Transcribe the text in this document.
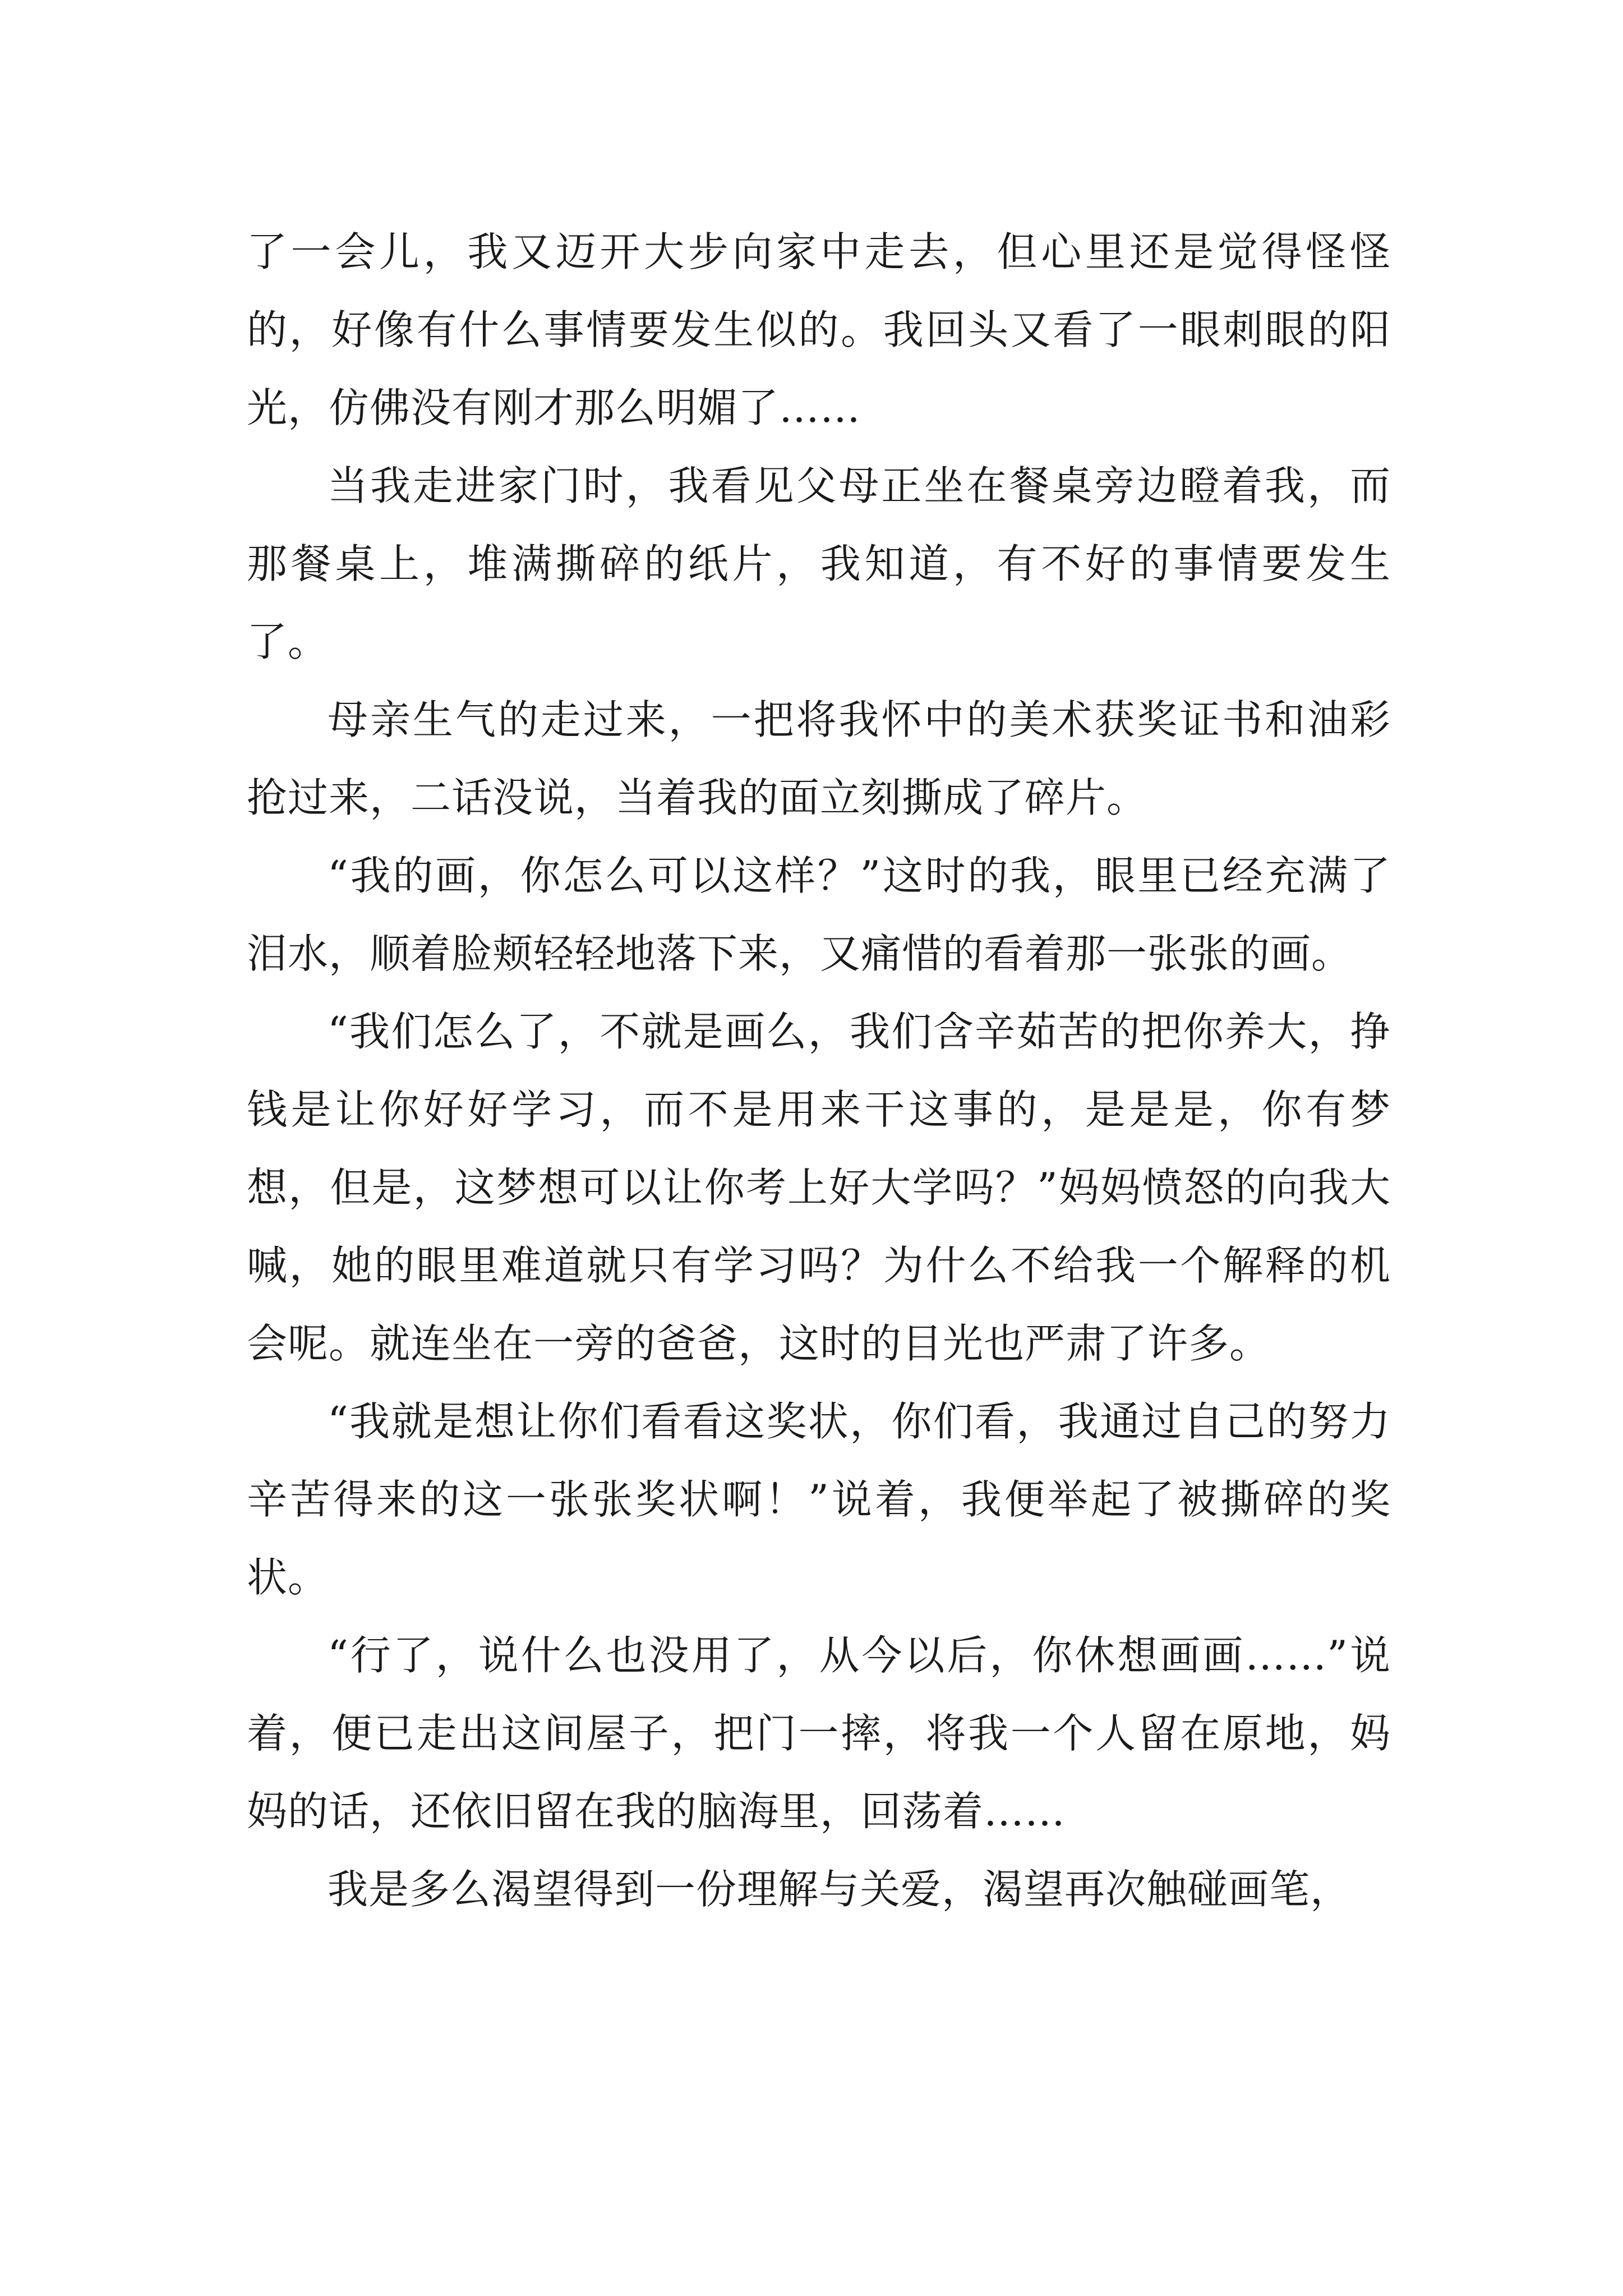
了一会儿，我又迈开大步向家中走去，但心里还是觉得怪怪的，好像有什么事情要发生似的。我回头又看了一眼刺眼的阳光，仿佛没有刚才那么明媚了……

当我走进家门时，我看见父母正坐在餐桌旁边瞪着我，而那餐桌上，堆满撕碎的纸片，我知道，有不好的事情要发生了。

母亲生气的走过来，一把将我怀中的美术获奖证书和油彩抢过来，二话没说，当着我的面立刻撕成了碎片。

“我的画，你怎么可以这样？”这时的我，眼里已经充满了泪水，顺着脸颊轻轻地落下来，又痛惜的看着那一张张的画。

“我们怎么了，不就是画么，我们含辛茹苦的把你养大，挣钱是让你好好学习，而不是用来干这事的，是是是，你有梦想，但是，这梦想可以让你考上好大学吗？”妈妈愤怒的向我大喊，她的眼里难道就只有学习吗？为什么不给我一个解释的机会呢。就连坐在一旁的爸爸，这时的目光也严肃了许多。

“我就是想让你们看看这奖状，你们看，我通过自己的努力辛苦得来的这一张张奖状啊！”说着，我便举起了被撕碎的奖状。

“行了，说什么也没用了，从今以后，你休想画画……”说着，便已走出这间屋子，把门一摔，将我一个人留在原地，妈妈的话，还依旧留在我的脑海里，回荡着……

我是多么渴望得到一份理解与关爱，渴望再次触碰画笔，
